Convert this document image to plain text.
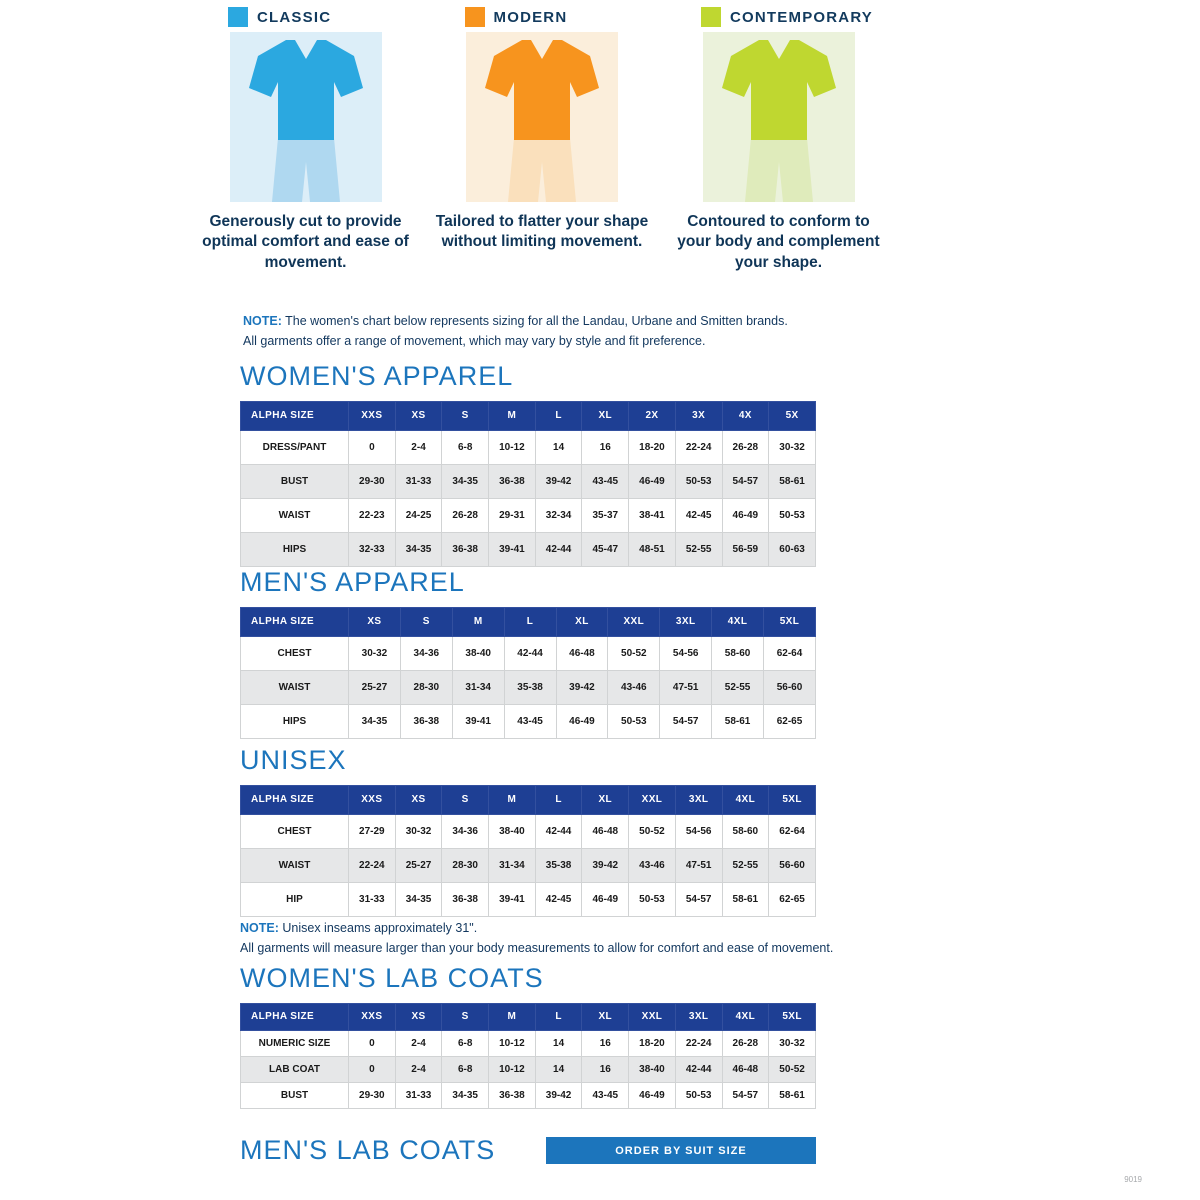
CLASSIC
Generously cut to provide optimal comfort and ease of movement.
MODERN
Tailored to flatter your shape without limiting movement.
CONTEMPORARY
Contoured to conform to your body and complement your shape.
NOTE: The women's chart below represents sizing for all the Landau, Urbane and Smitten brands.
All garments offer a range of movement, which may vary by style and fit preference.
WOMEN'S APPAREL
ALPHA SIZE	XXS	XS	S	M	L	XL	2X	3X	4X	5X
DRESS/PANT	0	2-4	6-8	10-12	14	16	18-20	22-24	26-28	30-32
BUST	29-30	31-33	34-35	36-38	39-42	43-45	46-49	50-53	54-57	58-61
WAIST	22-23	24-25	26-28	29-31	32-34	35-37	38-41	42-45	46-49	50-53
HIPS	32-33	34-35	36-38	39-41	42-44	45-47	48-51	52-55	56-59	60-63
MEN'S APPAREL
ALPHA SIZE	XS	S	M	L	XL	XXL	3XL	4XL	5XL
CHEST	30-32	34-36	38-40	42-44	46-48	50-52	54-56	58-60	62-64
WAIST	25-27	28-30	31-34	35-38	39-42	43-46	47-51	52-55	56-60
HIPS	34-35	36-38	39-41	43-45	46-49	50-53	54-57	58-61	62-65
UNISEX
ALPHA SIZE	XXS	XS	S	M	L	XL	XXL	3XL	4XL	5XL
CHEST	27-29	30-32	34-36	38-40	42-44	46-48	50-52	54-56	58-60	62-64
WAIST	22-24	25-27	28-30	31-34	35-38	39-42	43-46	47-51	52-55	56-60
HIP	31-33	34-35	36-38	39-41	42-45	46-49	50-53	54-57	58-61	62-65
NOTE: Unisex inseams approximately 31".
All garments will measure larger than your body measurements to allow for comfort and ease of movement.
WOMEN'S LAB COATS
ALPHA SIZE	XXS	XS	S	M	L	XL	XXL	3XL	4XL	5XL
NUMERIC SIZE	0	2-4	6-8	10-12	14	16	18-20	22-24	26-28	30-32
LAB COAT	0	2-4	6-8	10-12	14	16	38-40	42-44	46-48	50-52
BUST	29-30	31-33	34-35	36-38	39-42	43-45	46-49	50-53	54-57	58-61
MEN'S LAB COATS	ORDER BY SUIT SIZE
9019
